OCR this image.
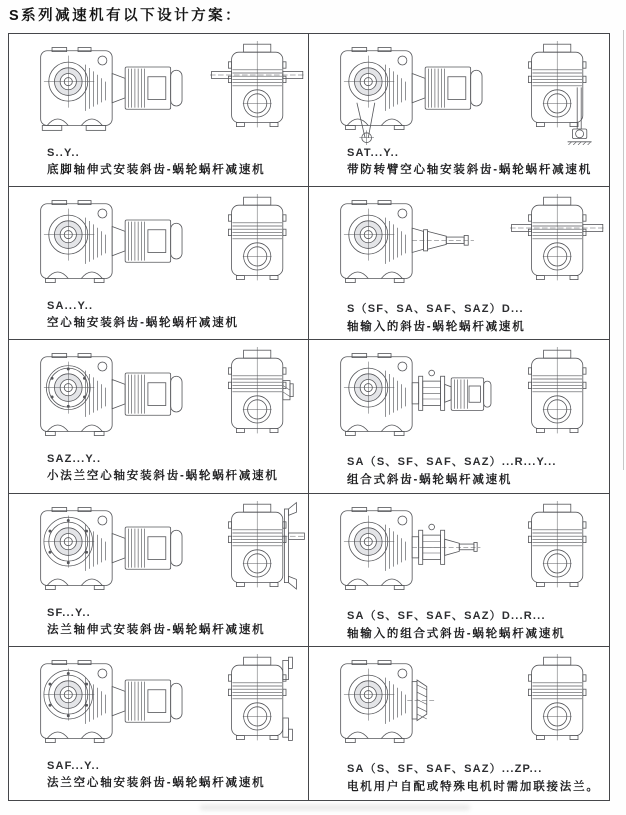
S系列减速机有以下设计方案：
S..Y..
底脚轴伸式安装斜齿-蜗轮蜗杆减速机
SAT...Y..
带防转臂空心轴安装斜齿-蜗轮蜗杆减速机
SA...Y..
空心轴安装斜齿-蜗轮蜗杆减速机
S（SF、SA、SAF、SAZ）D...
轴输入的斜齿-蜗轮蜗杆减速机
SAZ...Y..
小法兰空心轴安装斜齿-蜗轮蜗杆减速机
SA（S、SF、SAF、SAZ）...R...Y...
组合式斜齿-蜗轮蜗杆减速机
SF...Y..
法兰轴伸式安装斜齿-蜗轮蜗杆减速机
SA（S、SF、SAF、SAZ）D...R...
轴输入的组合式斜齿-蜗轮蜗杆减速机
SAF...Y..
法兰空心轴安装斜齿-蜗轮蜗杆减速机
SA（S、SF、SAF、SAZ）...ZP...
电机用户自配或特殊电机时需加联接法兰。
